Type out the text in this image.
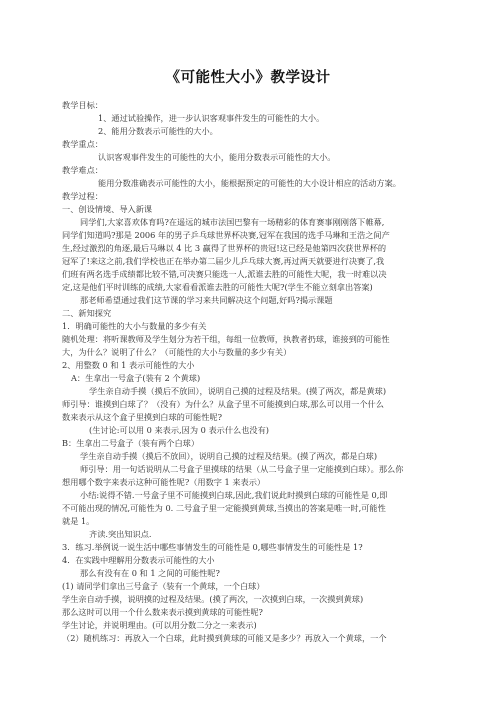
《可能性大小》教学设计
教学目标：
1、通过试验操作，进一步认识客观事件发生的可能性的大小。
2、能用分数表示可能性的大小。
教学重点：
认识客观事件发生的可能性的大小，能用分数表示可能性的大小。
教学难点：
能用分数准确表示可能性的大小，能根据预定的可能性的大小设计相应的活动方案。
教学过程：
一、创设情境、导入新课
同学们,大家喜欢体育吗?在遥远的城市法国巴黎有一场精彩的体育赛事刚刚落下帷幕,
同学们知道吗?那是 2006 年的男子乒乓球世界杯决赛,冠军在我国的选手马琳和王浩之间产
生,经过激烈的角逐,最后马琳以 4 比 3 赢得了世界杯的贵冠!这已经是他第四次获世界杯的
冠军了!来这之前,我们学校也正在举办第二届少儿乒乓球大赛,再过两天就要进行决赛了,我
们班有两名选手成绩都比较不错,可决赛只能选一人,派谁去胜的可能性大呢，我一时难以决
定,这是他们平时训练的成绩,大家看看派谁去胜的可能性大呢?(学生不能立刻拿出答案)
那老师希望通过我们这节课的学习来共同解决这个问题,好吗?揭示课题
二、新知探究
1．明确可能性的大小与数量的多少有关
随机处理：将听课教师及学生划分为若干组，每组一位教师，执教者扔球，谁接到的可能性
大，为什么？说明了什么？（可能性的大小与数量的多少有关）
2、用整数 0 和 1 表示可能性的大小
A：生拿出一号盒子(装有 2 个黄球)
学生亲自动手摸（摸后不放回），说明自己摸的过程及结果。(摸了两次，都是黄球)
师引导：谁摸到白球了？（没有）为什么？从盒子里不可能摸到白球,那么可以用一个什么
数来表示从这个盒子里摸到白球的可能性呢?
(生讨论:可以用 0 来表示,因为 0 表示什么也没有)
B：生拿出二号盒子（装有两个白球）
学生亲自动手摸（摸后不放回），说明自己摸的过程及结果。(摸了两次，都是白球)
师引导：用一句话说明从二号盒子里摸球的结果（从二号盒子里一定能摸到白球）。那么你
想用哪个数字来表示这种可能性呢?（用数字 1 来表示）
小结:说得不错.一号盒子里不可能摸到白球,因此,我们说此时摸到白球的可能性是 0,即
不可能出现的情况,可能性为 0. 二号盒子里一定能摸到黄球,当摸出的答案是唯一时,可能性
就是 1。
齐读.突出知识点.
3．练习.举例说一说生活中哪些事情发生的可能性是 0,哪些事情发生的可能性是 1?
4．在实践中理解用分数表示可能性的大小
那么有没有在 0 和 1 之间的可能性呢?
(1) 请同学们拿出三号盒子（装有一个黄球，一个白球）
学生亲自动手摸，说明摸的过程及结果。(摸了两次，一次摸到白球，一次摸到黄球)
那么这时可以用一个什么数来表示摸到黄球的可能性呢?
学生讨论，并说明理由。(可以用分数二分之一来表示)
（2）随机练习：再放入一个白球，此时摸到黄球的可能又是多少？再放入一个黄球，一个
